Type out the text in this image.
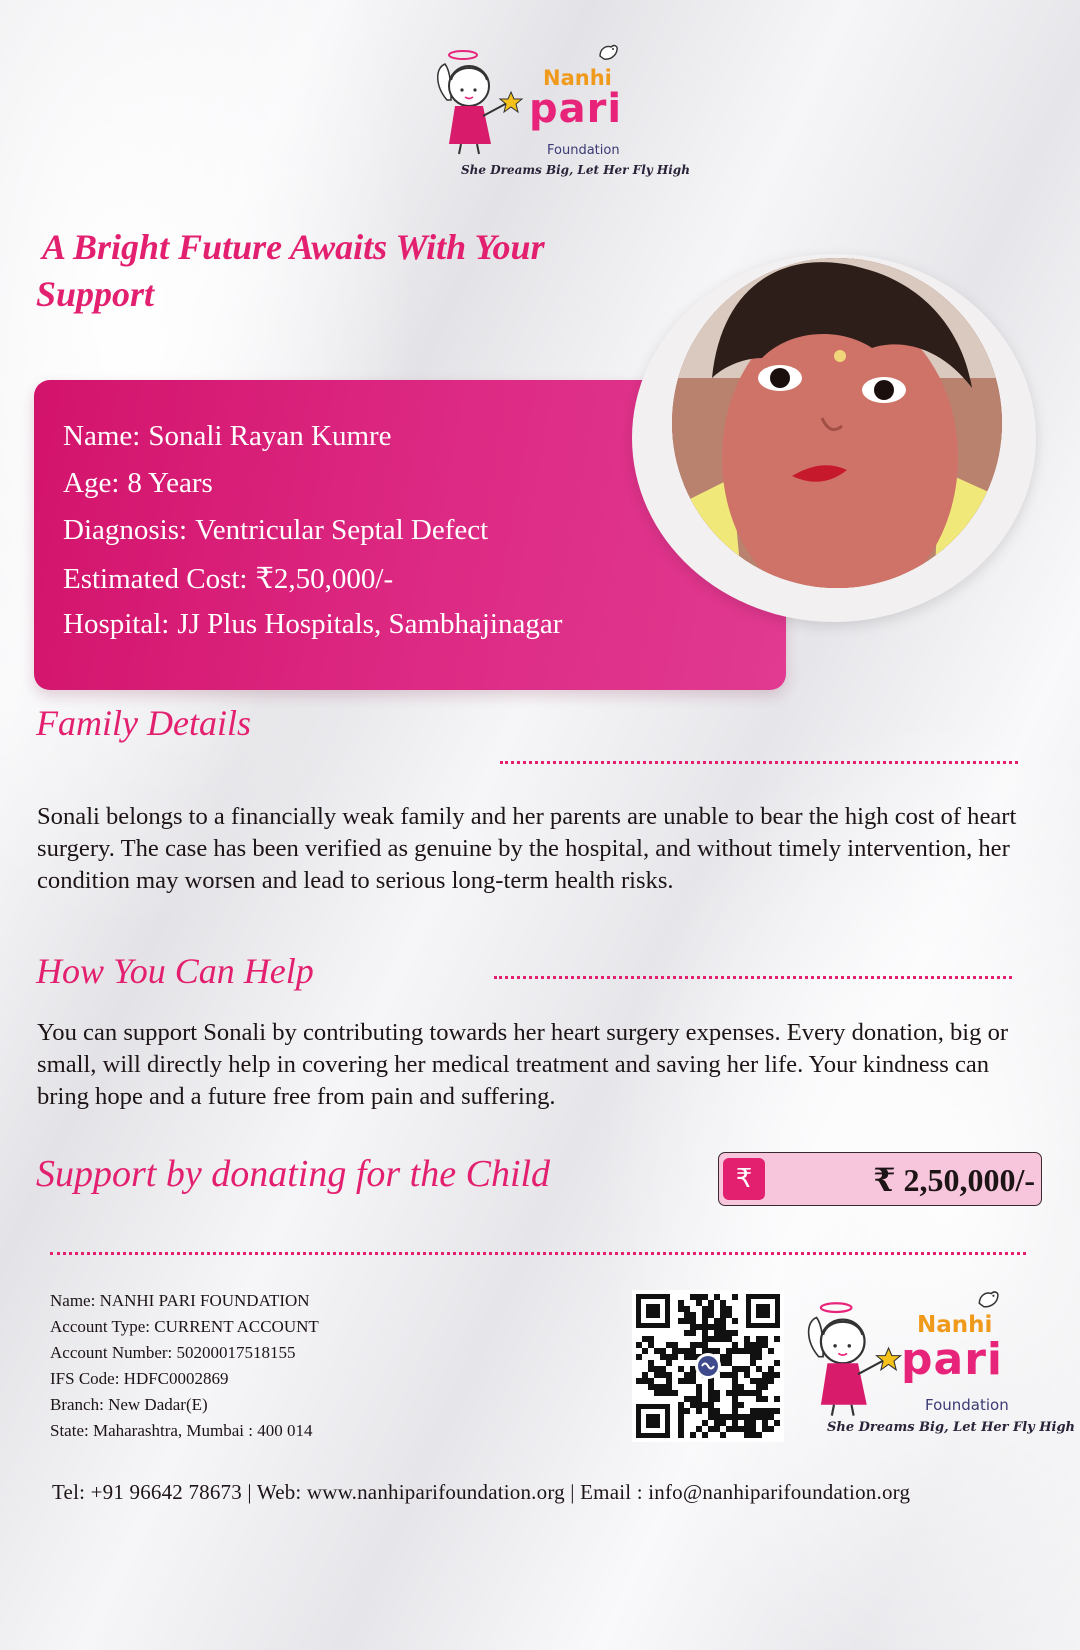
Nanhi
pari
Foundation
She Dreams Big, Let Her Fly High
A Bright Future Awaits With Your
Support
Name: Sonali Rayan Kumre
Age: 8 Years
Diagnosis: Ventricular Septal Defect
Estimated Cost: ₹2,50,000/-
Hospital: JJ Plus Hospitals, Sambhajinagar
Family Details

Sonali belongs to a financially weak family and her parents are unable to bear the high cost of heart surgery. The case has been verified as genuine by the hospital, and without timely intervention, her condition may worsen and lead to serious long-term health risks.

How You Can Help

You can support Sonali by contributing towards her heart surgery expenses. Every donation, big or small, will directly help in covering her medical treatment and saving her life. Your kindness can bring hope and a future free from pain and suffering.

Support by donating for the Child	₹	₹ 2,50,000/-
Name: NANHI PARI FOUNDATION
Account Type: CURRENT ACCOUNT
Account Number: 50200017518155
IFS Code: HDFC0002869
Branch: New Dadar(E)
State: Maharashtra, Mumbai : 400 014
Nanhi
pari
Foundation
She Dreams Big, Let Her Fly High
Tel: +91 96642 78673 | Web: www.nanhiparifoundation.org | Email : info@nanhiparifoundation.org
